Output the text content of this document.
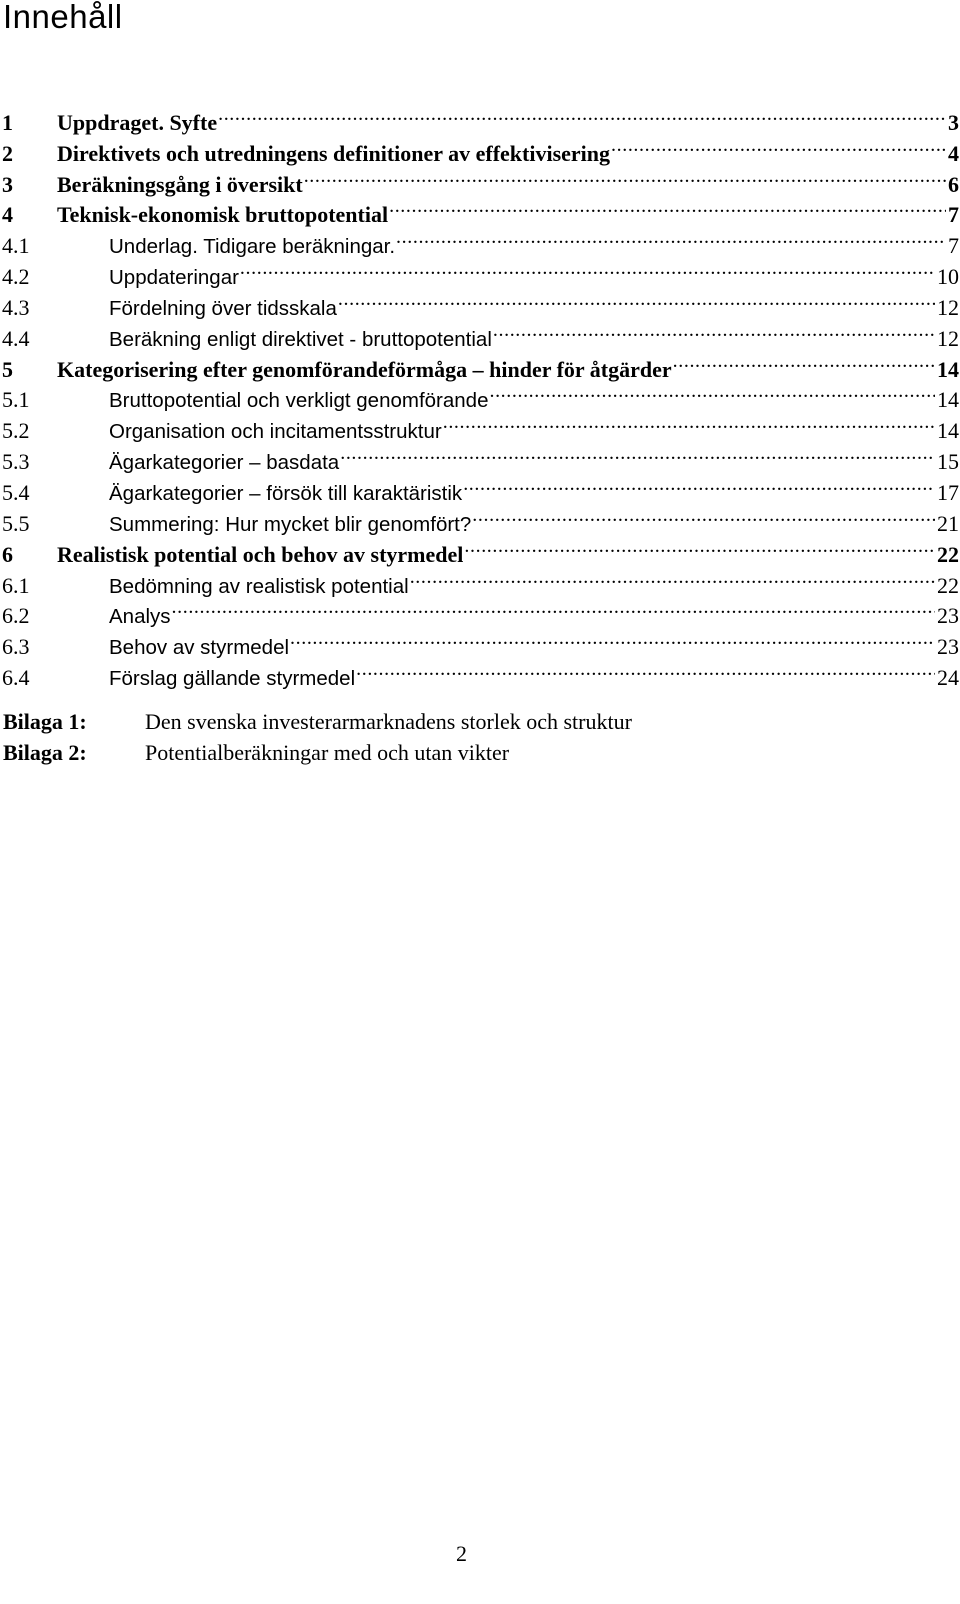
Innehåll
1	Uppdraget. Syfte .....	3
2	Direktivets och utredningens definitioner av effektivisering .....	4
3	Beräkningsgång i översikt .....	6
4	Teknisk-ekonomisk bruttopotential .....	7
4.1	Underlag. Tidigare beräkningar. .....	7
4.2	Uppdateringar .....	10
4.3	Fördelning över tidsskala .....	12
4.4	Beräkning enligt direktivet - bruttopotential .....	12
5	Kategorisering efter genomförandeförmåga – hinder för åtgärder .....	14
5.1	Bruttopotential och verkligt genomförande .....	14
5.2	Organisation och incitamentsstruktur .....	14
5.3	Ägarkategorier – basdata .....	15
5.4	Ägarkategorier – försök till karaktäristik .....	17
5.5	Summering: Hur mycket blir genomfört? .....	21
6	Realistisk potential och behov av styrmedel .....	22
6.1	Bedömning av realistisk potential .....	22
6.2	Analys .....	23
6.3	Behov av styrmedel .....	23
6.4	Förslag gällande styrmedel .....	24
Bilaga 1:	Den svenska investerarmarknadens storlek och struktur
Bilaga 2:	Potentialberäkningar med och utan vikter
2
